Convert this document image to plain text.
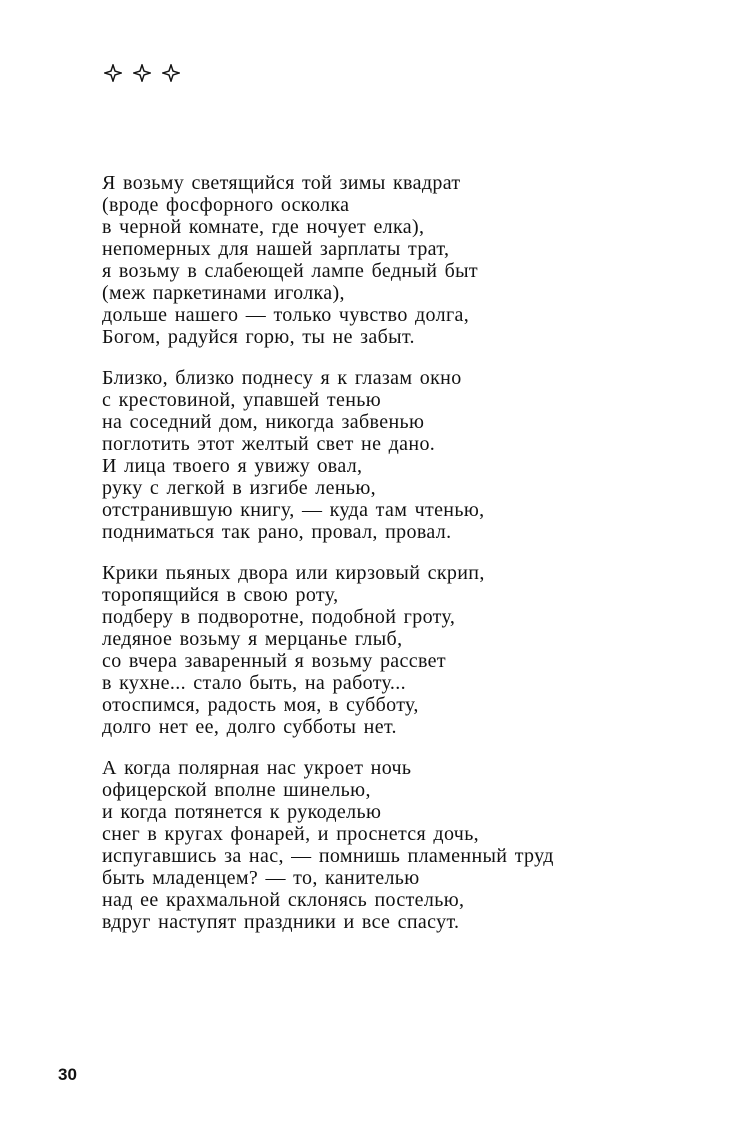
Я возьму светящийся той зимы квадрат
(вроде фосфорного осколка
в черной комнате, где ночует елка),
непомерных для нашей зарплаты трат,
я возьму в слабеющей лампе бедный быт
(меж паркетинами иголка),
дольше нашего — только чувство долга,
Богом, радуйся горю, ты не забыт.
Близко, близко поднесу я к глазам окно
с крестовиной, упавшей тенью
на соседний дом, никогда забвенью
поглотить этот желтый свет не дано.
И лица твоего я увижу овал,
руку с легкой в изгибе ленью,
отстранившую книгу, — куда там чтенью,
подниматься так рано, провал, провал.
Крики пьяных двора или кирзовый скрип,
торопящийся в свою роту,
подберу в подворотне, подобной гроту,
ледяное возьму я мерцанье глыб,
со вчера заваренный я возьму рассвет
в кухне... стало быть, на работу...
отоспимся, радость моя, в субботу,
долго нет ее, долго субботы нет.
А когда полярная нас укроет ночь
офицерской вполне шинелью,
и когда потянется к рукоделью
снег в кругах фонарей, и проснется дочь,
испугавшись за нас, — помнишь пламенный труд
быть младенцем? — то, канителью
над ее крахмальной склонясь постелью,
вдруг наступят праздники и все спасут.
30
